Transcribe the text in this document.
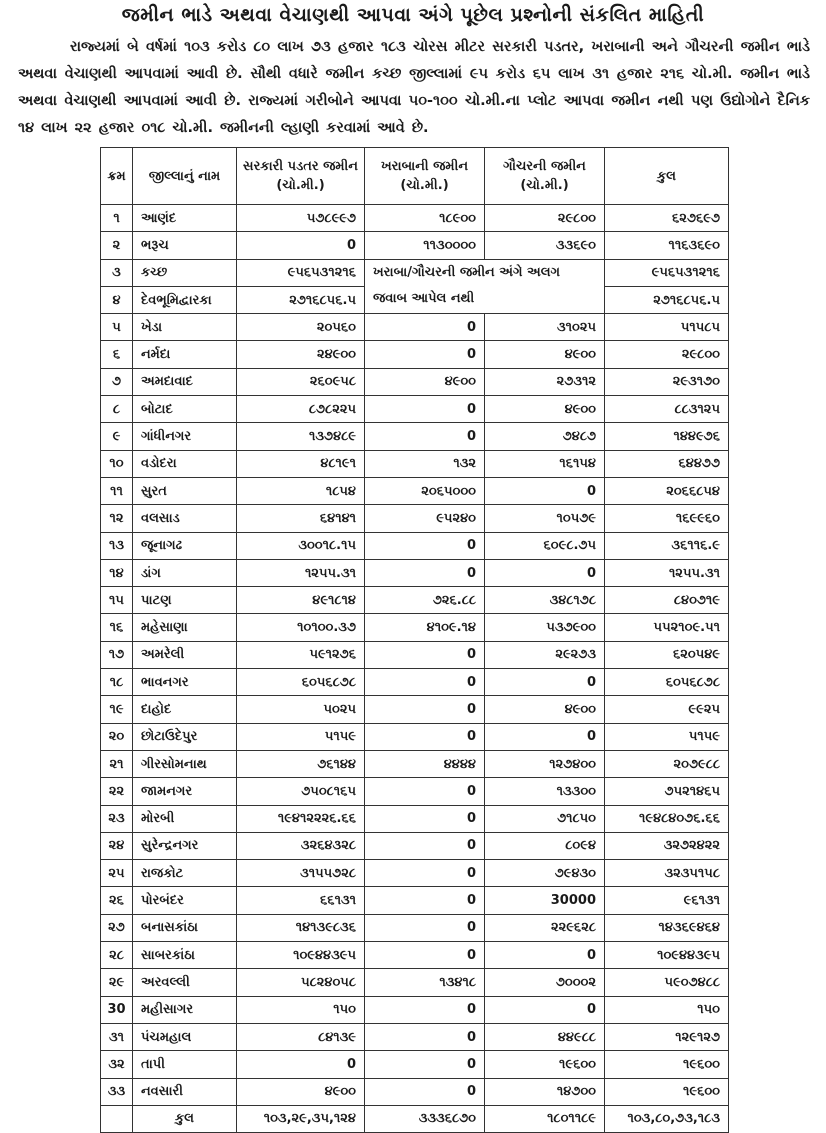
જમીન ભાડે અથવા વેચાણથી આપવા અંગે પૂછેલ પ્રશ્નોની સંકલિત માહિતી
રાજ્યમાં બે વર્ષમાં ૧૦૩ કરોડ ૮૦ લાખ ૭૩ હજાર ૧૮૩ ચોરસ મીટર સરકારી પડતર, ખરાબાની અને ગૌચરની જમીન ભાડે અથવા વેચાણથી આપવામાં આવી છે. સૌથી વધારે જમીન કચ્છ જીલ્લામાં ૯૫ કરોડ ૬૫ લાખ ૩૧ હજાર ૨૧૬ ચો.મી. જમીન ભાડે અથવા વેચાણથી આપવામાં આવી છે. રાજ્યમાં ગરીબોને આપવા ૫૦-૧૦૦ ચો.મી.ના પ્લોટ આપવા જમીન નથી પણ ઉદ્યોગોને દૈનિક ૧૪ લાખ ૨૨ હજાર ૦૧૮ ચો.મી. જમીનની લ્હાણી કરવામાં આવે છે.
ક્રમ	જીલ્લાનું નામ	સરકારી પડતર જમીન (ચો.મી.)	ખરાબાની જમીન (ચો.મી.)	ગૌચરની જમીન (ચો.મી.)	કુલ
૧	આણંદ	૫૭૮૯૯૭	૧૮૯૦૦	૨૯૮૦૦	૬૨૭૬૯૭
૨	ભરૂચ	0	૧૧૩૦૦૦૦	૩૩૬૯૦	૧૧૬૩૬૯૦
૩	કચ્છ	૯૫૬૫૩૧૨૧૬	ખરાબા/ગૌચરની જમીન અંગે અલગ જવાબ આપેલ નથી		૯૫૬૫૩૧૨૧૬
૪	દેવભૂમિદ્વારકા	૨૭૧૬૮૫૬.૫			૨૭૧૬૮૫૬.૫
૫	ખેડા	૨૦૫૬૦	0	૩૧૦૨૫	૫૧૫૮૫
૬	નર્મદા	૨૪૯૦૦	0	૪૯૦૦	૨૯૮૦૦
૭	અમદાવાદ	૨૬૦૯૫૮	૪૯૦૦	૨૭૩૧૨	૨૯૩૧૭૦
૮	બોટાદ	૮૭૮૨૨૫	0	૪૯૦૦	૮૮૩૧૨૫
૯	ગાંધીનગર	૧૩૭૪૮૯	0	૭૪૮૭	૧૪૪૯૭૬
૧૦	વડોદરા	૪૮૧૯૧	૧૩૨	૧૬૧૫૪	૬૪૪૭૭
૧૧	સુરત	૧૮૫૪	૨૦૬૫૦૦૦	0	૨૦૬૬૮૫૪
૧૨	વલસાડ	૬૪૧૪૧	૯૫૨૪૦	૧૦૫૭૯	૧૬૯૯૬૦
૧૩	જૂનાગઢ	૩૦૦૧૮.૧૫	0	૬૦૯૮.૭૫	૩૬૧૧૬.૯
૧૪	ડાંગ	૧૨૫૫.૩૧	0	0	૧૨૫૫.૩૧
૧૫	પાટણ	૪૯૧૮૧૪	૭૨૬.૮૮	૩૪૮૧૭૮	૮૪૦૭૧૯
૧૬	મહેસાણા	૧૦૧૦૦.૩૭	૪૧૦૯.૧૪	૫૩૭૯૦૦	૫૫૨૧૦૯.૫૧
૧૭	અમરેલી	૫૯૧૨૭૬	0	૨૯૨૭૩	૬૨૦૫૪૯
૧૮	ભાવનગર	૬૦૫૬૮૭૮	0	0	૬૦૫૬૮૭૮
૧૯	દાહોદ	૫૦૨૫	0	૪૯૦૦	૯૯૨૫
૨૦	છોટાઉદેપુર	૫૧૫૯	0	0	૫૧૫૯
૨૧	ગીરસોમનાથ	૭૬૧૪૪	૪૪૪૪	૧૨૭૪૦૦	૨૦૭૯૮૮
૨૨	જામનગર	૭૫૦૮૧૬૫	0	૧૩૩૦૦	૭૫૨૧૪૬૫
૨૩	મોરબી	૧૯૪૧૨૨૨૬.૬૬	0	૭૧૮૫૦	૧૯૪૮૪૦૭૬.૬૬
૨૪	સુરેન્દ્રનગર	૩૨૬૪૩૨૮	0	૮૦૯૪	૩૨૭૨૪૨૨
૨૫	રાજકોટ	૩૧૫૫૭૨૮	0	૭૯૪૩૦	૩૨૩૫૧૫૮
૨૬	પોરબંદર	૬૬૧૩૧	0	30000	૯૬૧૩૧
૨૭	બનાસકાંઠા	૧૪૧૩૯૮૩૬	0	૨૨૯૬૨૮	૧૪૩૬૯૪૬૪
૨૮	સાબરકાંઠા	૧૦૯૪૪૩૯૫	0	0	૧૦૯૪૪૩૯૫
૨૯	અરવલ્લી	૫૮૨૪૦૫૮	૧૩૪૧૮	૭૦૦૦૨	૫૯૦૭૪૮૮
30	મહીસાગર	૧૫૦	0	0	૧૫૦
૩૧	પંચમહાલ	૮૪૧૩૯	0	૪૪૯૮૮	૧૨૯૧૨૭
૩૨	તાપી	0	0	૧૯૬૦૦	૧૯૬૦૦
૩૩	નવસારી	૪૯૦૦	0	૧૪૭૦૦	૧૯૬૦૦
	કુલ	૧૦૩,૨૯,૩૫,૧૨૪	૩૩૩૬૮૭૦	૧૮૦૧૧૮૯	૧૦૩,૮૦,૭૩,૧૮૩
